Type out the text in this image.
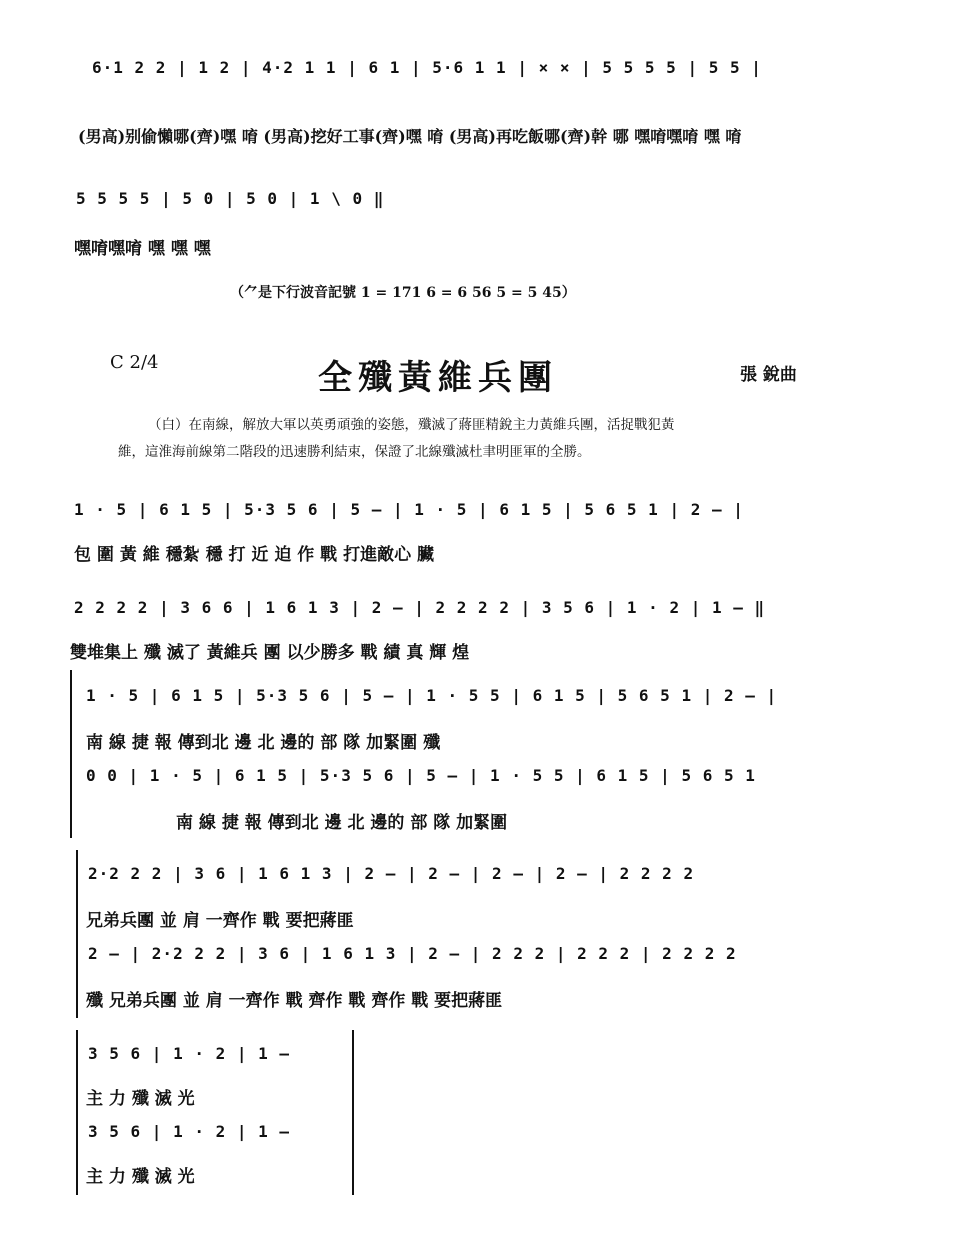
6·1 2 2 | 1 2 | 4·2 1 1 | 6 1 | 5·6 1 1 | × × | 5 5 5 5 | 5 5 |
(男高)别偷懶哪(齊)嘿 唷 (男高)挖好工事(齊)嘿 唷 (男高)再吃飯哪(齊)幹 哪 嘿唷嘿唷 嘿 唷
5 5 5 5 | 5 0 | 5 0 | 1 \ 0 ‖
嘿唷嘿唷 嘿 嘿 嘿
（⺈是下行波音記號 1 = 171 6 = 6 56 5 = 5 45）
C 2/4	全殲黃維兵團	張 銳曲
（白）在南線，解放大軍以英勇頑強的姿態，殲滅了蔣匪精銳主力黃維兵團，活捉戰犯黃
維，這淮海前線第二階段的迅速勝利結束，保證了北線殲滅杜聿明匪軍的全勝。
1 · 5 | 6 1 5 | 5·3 5 6 | 5 — | 1 · 5 | 6 1 5 | 5 6 5 1 | 2 — |
包 圍 黃 維 穩紮 穩 打 近 迫 作 戰 打進敵心 臟
2 2 2 2 | 3 6 6 | 1 6 1 3 | 2 — | 2 2 2 2 | 3 5 6 | 1 · 2 | 1 — ‖
雙堆集上 殲 滅了 黃維兵 團 以少勝多 戰 績 真 輝 煌
1 · 5 | 6 1 5 | 5·3 5 6 | 5 — | 1 · 5 5 | 6 1 5 | 5 6 5 1 | 2 — |
南 線 捷 報 傳到北 邊 北 邊的 部 隊 加緊圍 殲
0 0 | 1 · 5 | 6 1 5 | 5·3 5 6 | 5 — | 1 · 5 5 | 6 1 5 | 5 6 5 1
南 線 捷 報 傳到北 邊 北 邊的 部 隊 加緊圍
2·2 2 2 | 3 6 | 1 6 1 3 | 2 — | 2 — | 2 — | 2 — | 2 2 2 2
兄弟兵團 並 肩 一齊作 戰 要把蔣匪
2 — | 2·2 2 2 | 3 6 | 1 6 1 3 | 2 — | 2 2 2 | 2 2 2 | 2 2 2 2
殲 兄弟兵團 並 肩 一齊作 戰 齊作 戰 齊作 戰 要把蔣匪
3 5 6 | 1 · 2 | 1 —
主 力 殲 滅 光
3 5 6 | 1 · 2 | 1 —
主 力 殲 滅 光
